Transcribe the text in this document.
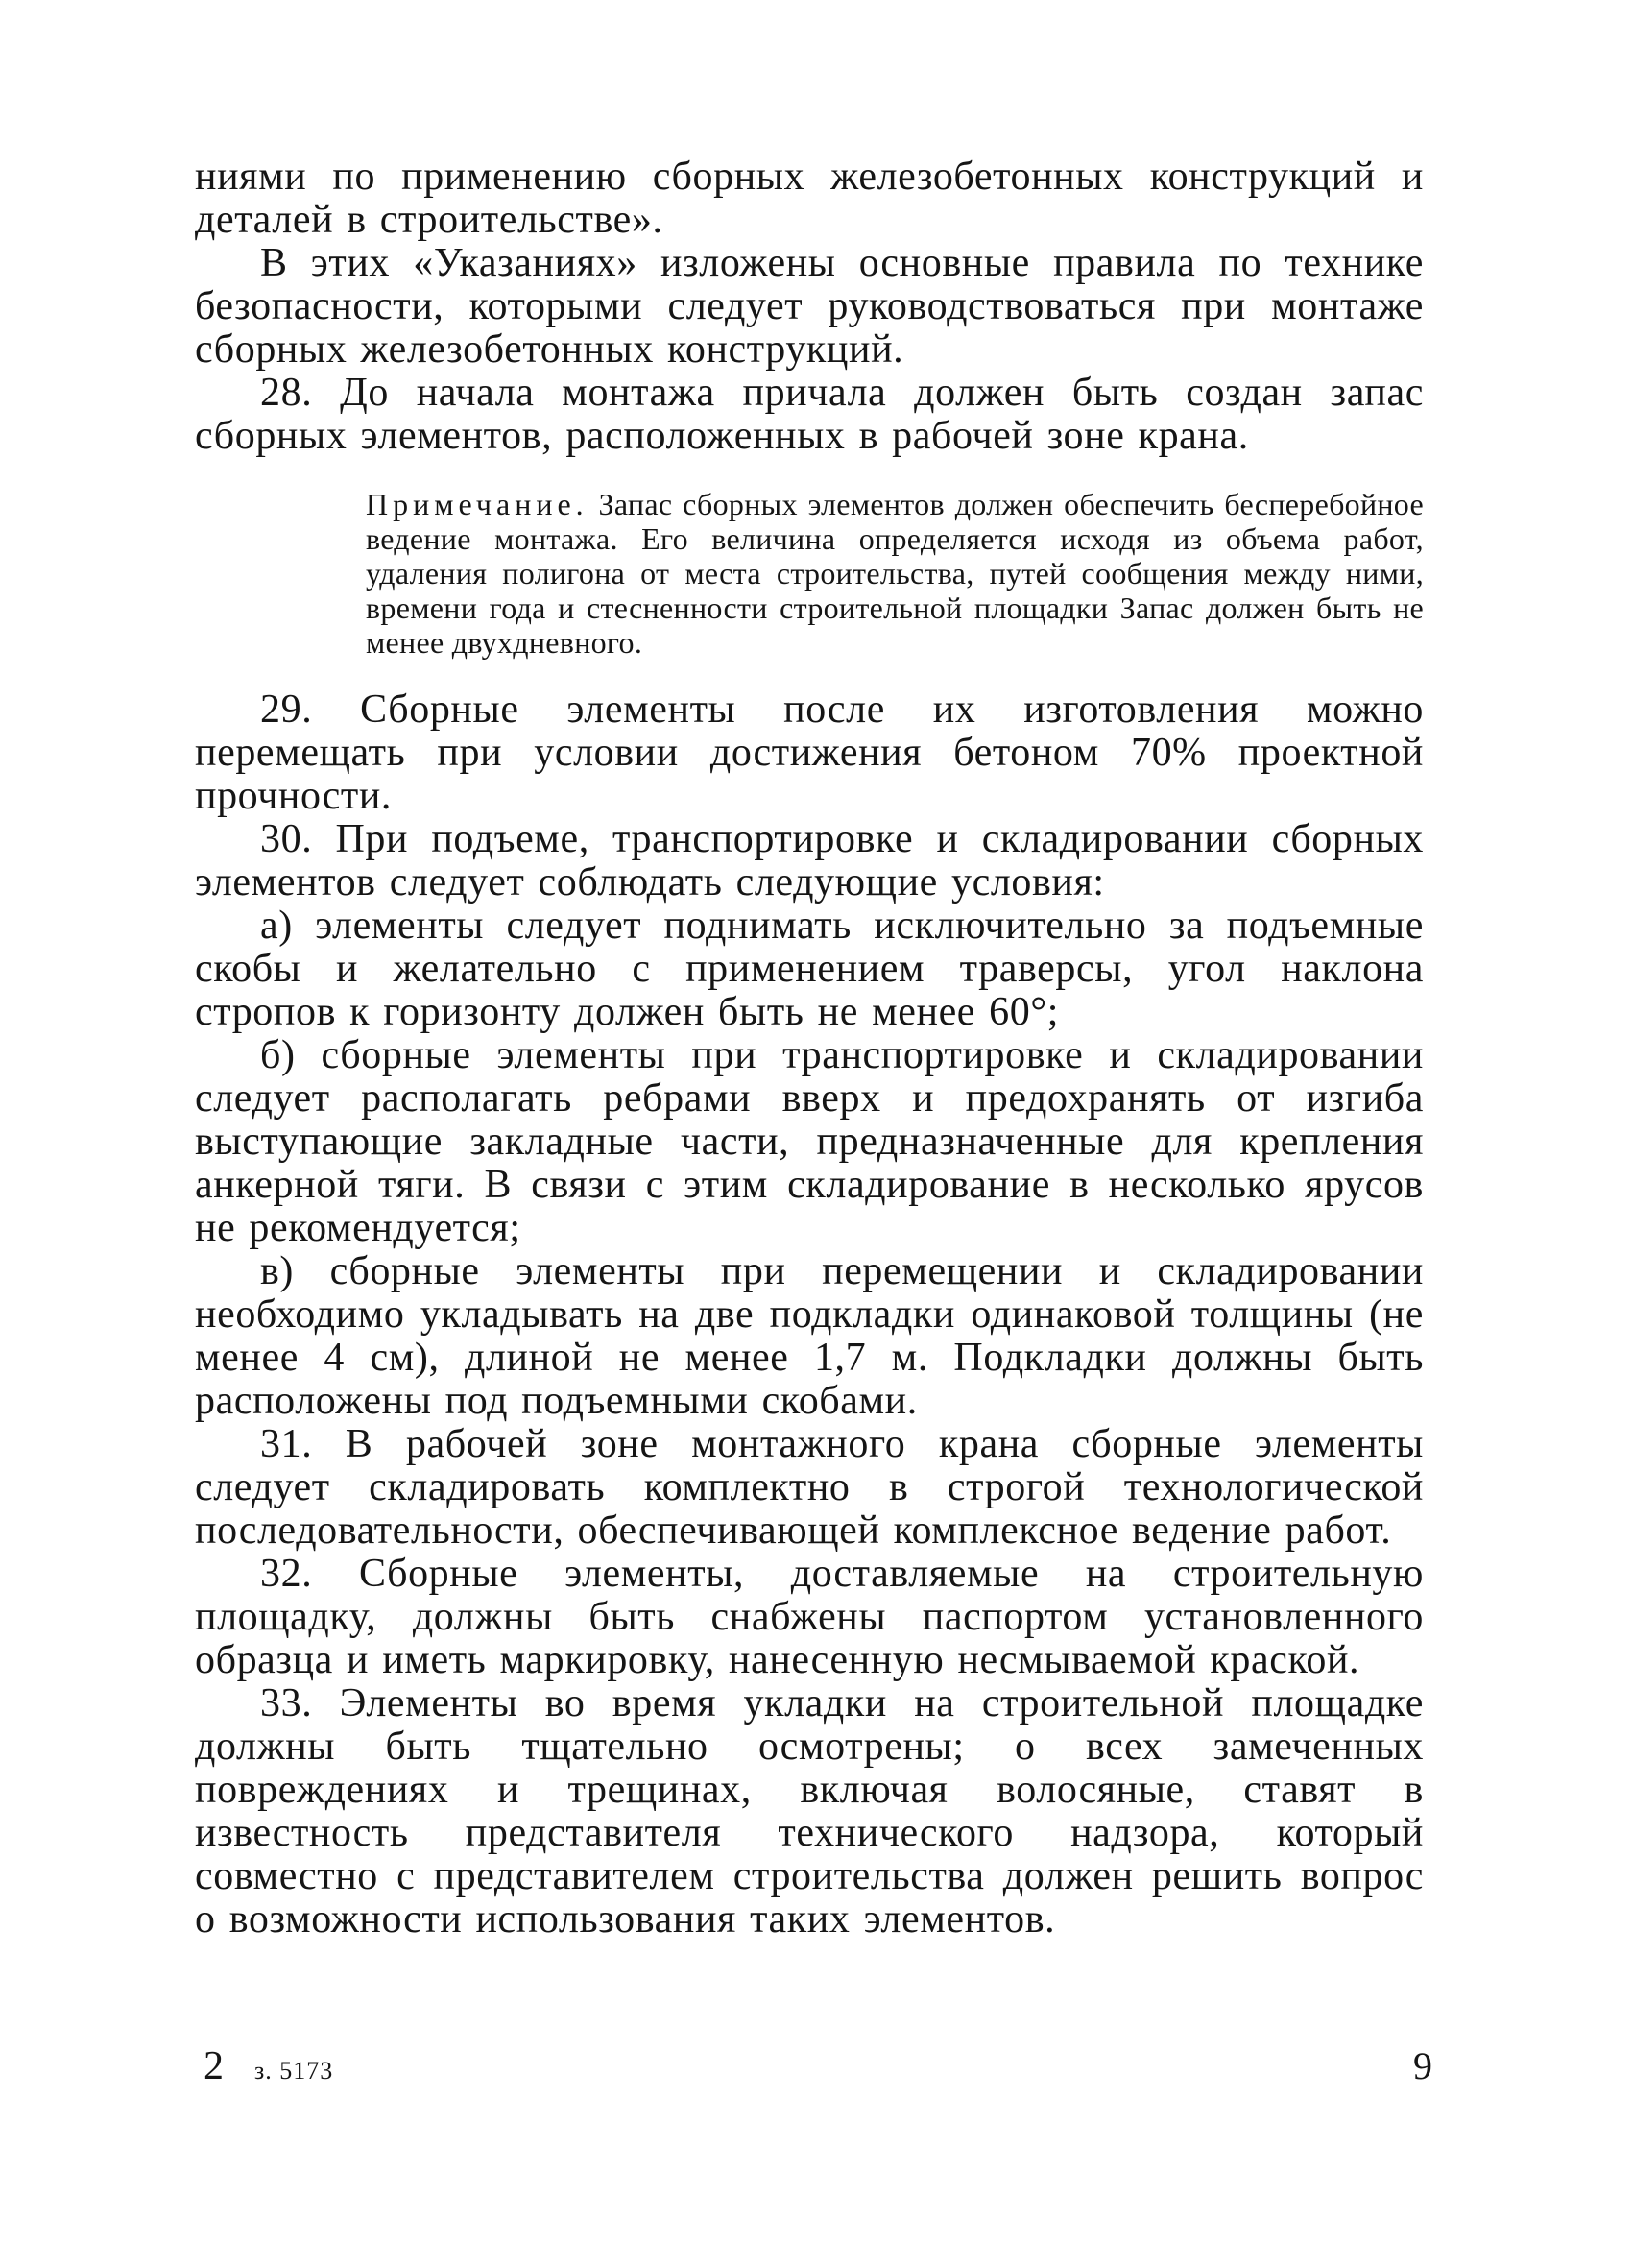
ниями по применению сборных железобетонных конструкций и деталей в строительстве».

В этих «Указаниях» изложены основные правила по технике безопасности, которыми следует руководствоваться при монтаже сборных железобетонных конструкций.

28. До начала монтажа причала должен быть создан запас сборных элементов, расположенных в рабочей зоне крана.

Примечание. Запас сборных элементов должен обеспечить бесперебойное ведение монтажа. Его величина определяется исходя из объема работ, удаления полигона от места строительства, путей сообщения между ними, времени года и стесненности строительной площадки Запас должен быть не менее двухдневного.

29. Сборные элементы после их изготовления можно перемещать при условии достижения бетоном 70% проектной прочности.

30. При подъеме, транспортировке и складировании сборных элементов следует соблюдать следующие условия:

а) элементы следует поднимать исключительно за подъемные скобы и желательно с применением траверсы, угол наклона стропов к горизонту должен быть не менее 60°;

б) сборные элементы при транспортировке и складировании следует располагать ребрами вверх и предохранять от изгиба выступающие закладные части, предназначенные для крепления анкерной тяги. В связи с этим складирование в несколько ярусов не рекомендуется;

в) сборные элементы при перемещении и складировании необходимо укладывать на две подкладки одинаковой толщины (не менее 4 см), длиной не менее 1,7 м. Подкладки должны быть расположены под подъемными скобами.

31. В рабочей зоне монтажного крана сборные элементы следует складировать комплектно в строгой технологической последовательности, обеспечивающей комплексное ведение работ.

32. Сборные элементы, доставляемые на строительную площадку, должны быть снабжены паспортом установленного образца и иметь маркировку, нанесенную несмываемой краской.

33. Элементы во время укладки на строительной площадке должны быть тщательно осмотрены; о всех замеченных повреждениях и трещинах, включая волосяные, ставят в известность представителя технического надзора, который совместно с представителем строительства должен решить вопрос о возможности использования таких элементов.

2 з. 5173	9
